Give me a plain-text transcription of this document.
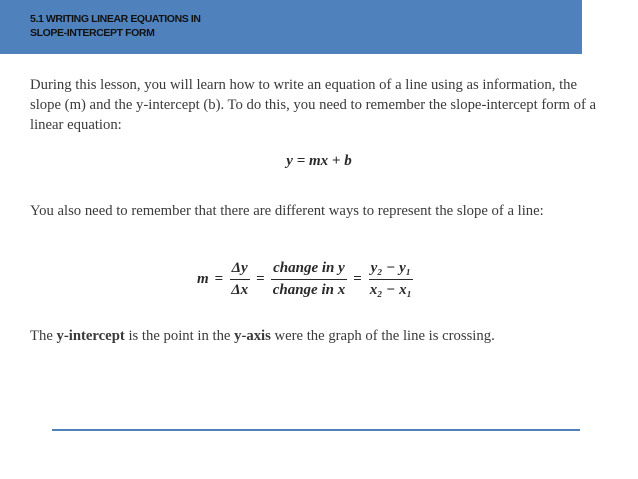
5.1 WRITING LINEAR EQUATIONS IN
SLOPE-INTERCEPT FORM
During this lesson, you will learn how to write an equation of a line using as information, the slope (m) and the y-intercept (b). To do this, you need to remember the slope-intercept form of a linear equation:
y = mx + b
You also need to remember that there are different ways to represent the slope of a line:
$m = \frac{\Delta y}{\Delta x} = \frac{\text{change in y}}{\text{change in x}} = \frac{\text{y₂ − y₁}}{\text{x₂ − x₁}}$
The y-intercept is the point in the y-axis were the graph of the line is crossing.
